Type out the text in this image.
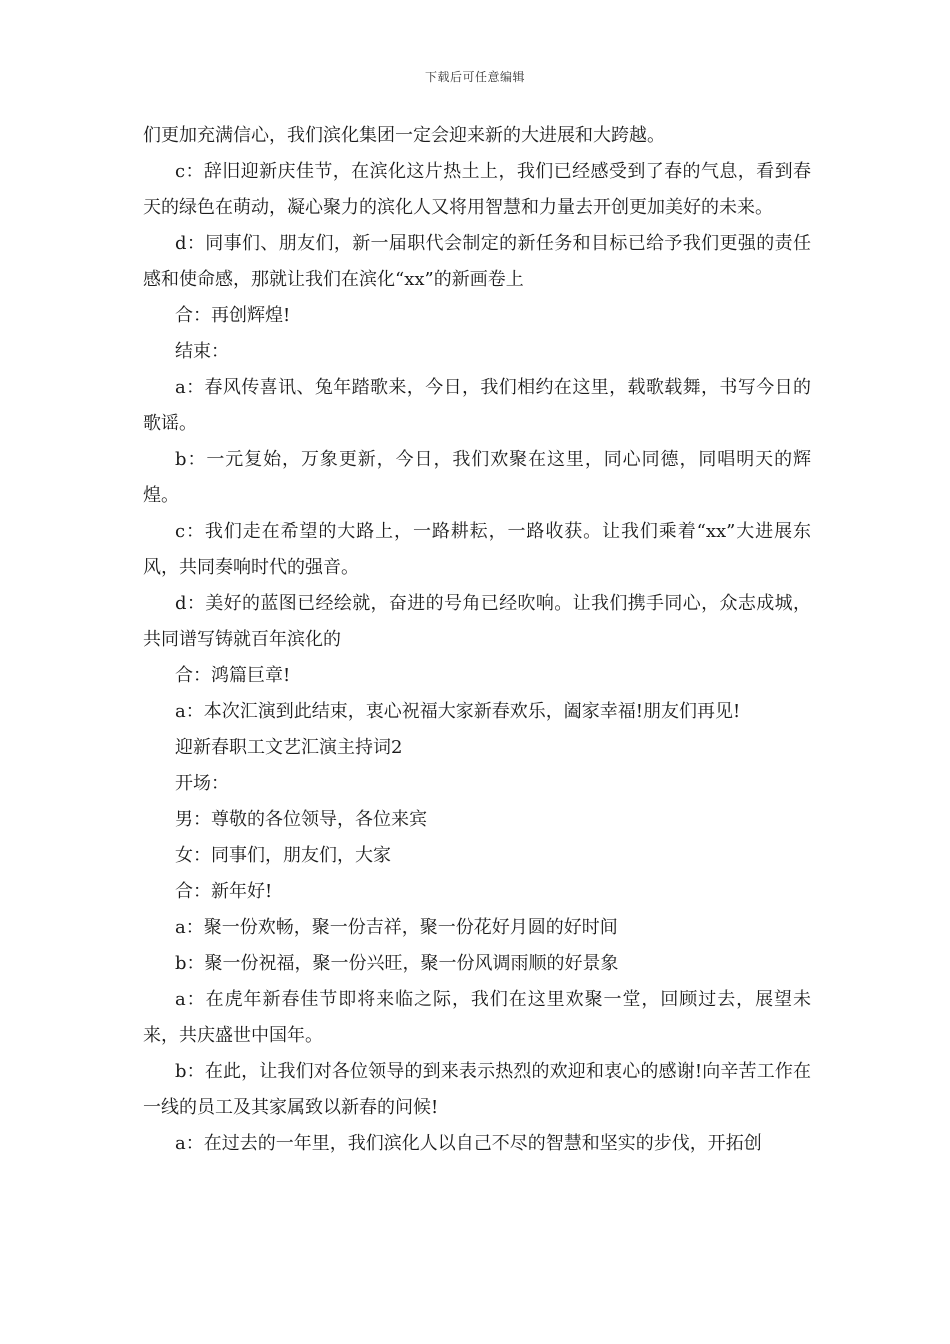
下载后可任意编辑

们更加充满信心，我们滨化集团一定会迎来新的大进展和大跨越。

c：辞旧迎新庆佳节，在滨化这片热土上，我们已经感受到了春的气息，看到春天的绿色在萌动，凝心聚力的滨化人又将用智慧和力量去开创更加美好的未来。

d：同事们、朋友们，新一届职代会制定的新任务和目标已给予我们更强的责任感和使命感，那就让我们在滨化“xx”的新画卷上

合：再创辉煌!

结束：

a：春风传喜讯、兔年踏歌来，今日，我们相约在这里，载歌载舞，书写今日的歌谣。

b：一元复始，万象更新，今日，我们欢聚在这里，同心同德，同唱明天的辉煌。

c：我们走在希望的大路上，一路耕耘，一路收获。让我们乘着“xx”大进展东风，共同奏响时代的强音。

d：美好的蓝图已经绘就，奋进的号角已经吹响。让我们携手同心，众志成城，共同谱写铸就百年滨化的

合：鸿篇巨章!

a：本次汇演到此结束，衷心祝福大家新春欢乐，阖家幸福!朋友们再见!

迎新春职工文艺汇演主持词2

开场：

男：尊敬的各位领导，各位来宾

女：同事们，朋友们，大家

合：新年好!

a：聚一份欢畅，聚一份吉祥，聚一份花好月圆的好时间

b：聚一份祝福，聚一份兴旺，聚一份风调雨顺的好景象

a：在虎年新春佳节即将来临之际，我们在这里欢聚一堂，回顾过去，展望未来，共庆盛世中国年。

b：在此，让我们对各位领导的到来表示热烈的欢迎和衷心的感谢!向辛苦工作在一线的员工及其家属致以新春的问候!

a：在过去的一年里，我们滨化人以自己不尽的智慧和坚实的步伐，开拓创
